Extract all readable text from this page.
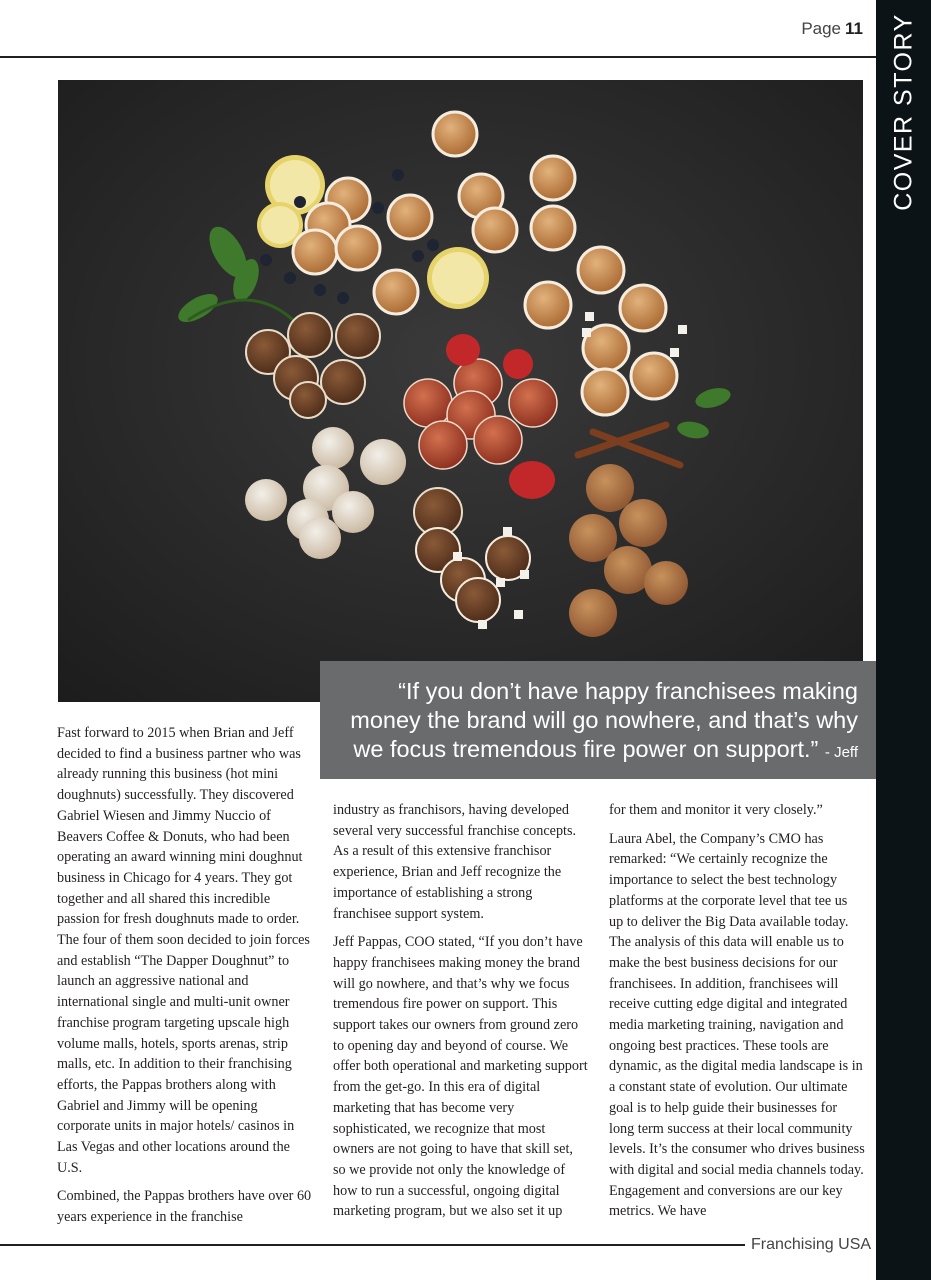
Page 11 COVER STORY
“If you don’t have happy franchisees making money the brand will go nowhere, and that’s why we focus tremendous fire power on support.” - Jeff Pappas

Fast forward to 2015 when Brian and Jeff decided to find a business partner who was already running this business (hot mini doughnuts) successfully. They discovered Gabriel Wiesen and Jimmy Nuccio of Beavers Coffee & Donuts, who had been operating an award winning mini doughnut business in Chicago for 4 years. They got together and all shared this incredible passion for fresh doughnuts made to order. The four of them soon decided to join forces and establish “The Dapper Doughnut” to launch an aggressive national and international single and multi-unit owner franchise program targeting upscale high volume malls, hotels, sports arenas, strip malls, etc. In addition to their franchising efforts, the Pappas brothers along with Gabriel and Jimmy will be opening corporate units in major hotels/ casinos in Las Vegas and other locations around the U.S.

Combined, the Pappas brothers have over 60 years experience in the franchise

industry as franchisors, having developed several very successful franchise concepts. As a result of this extensive franchisor experience, Brian and Jeff recognize the importance of establishing a strong franchisee support system.

Jeff Pappas, COO stated, “If you don’t have happy franchisees making money the brand will go nowhere, and that’s why we focus tremendous fire power on support. This support takes our owners from ground zero to opening day and beyond of course. We offer both operational and marketing support from the get-go. In this era of digital marketing that has become very sophisticated, we recognize that most owners are not going to have that skill set, so we provide not only the knowledge of how to run a successful, ongoing digital marketing program, but we also set it up

for them and monitor it very closely.”

Laura Abel, the Company’s CMO has remarked: “We certainly recognize the importance to select the best technology platforms at the corporate level that tee us up to deliver the Big Data available today. The analysis of this data will enable us to make the best business decisions for our franchisees. In addition, franchisees will receive cutting edge digital and integrated media marketing training, navigation and ongoing best practices. These tools are dynamic, as the digital media landscape is in a constant state of evolution. Our ultimate goal is to help guide their businesses for long term success at their local community levels. It’s the consumer who drives business with digital and social media channels today. Engagement and conversions are our key metrics. We have

Franchising USA
